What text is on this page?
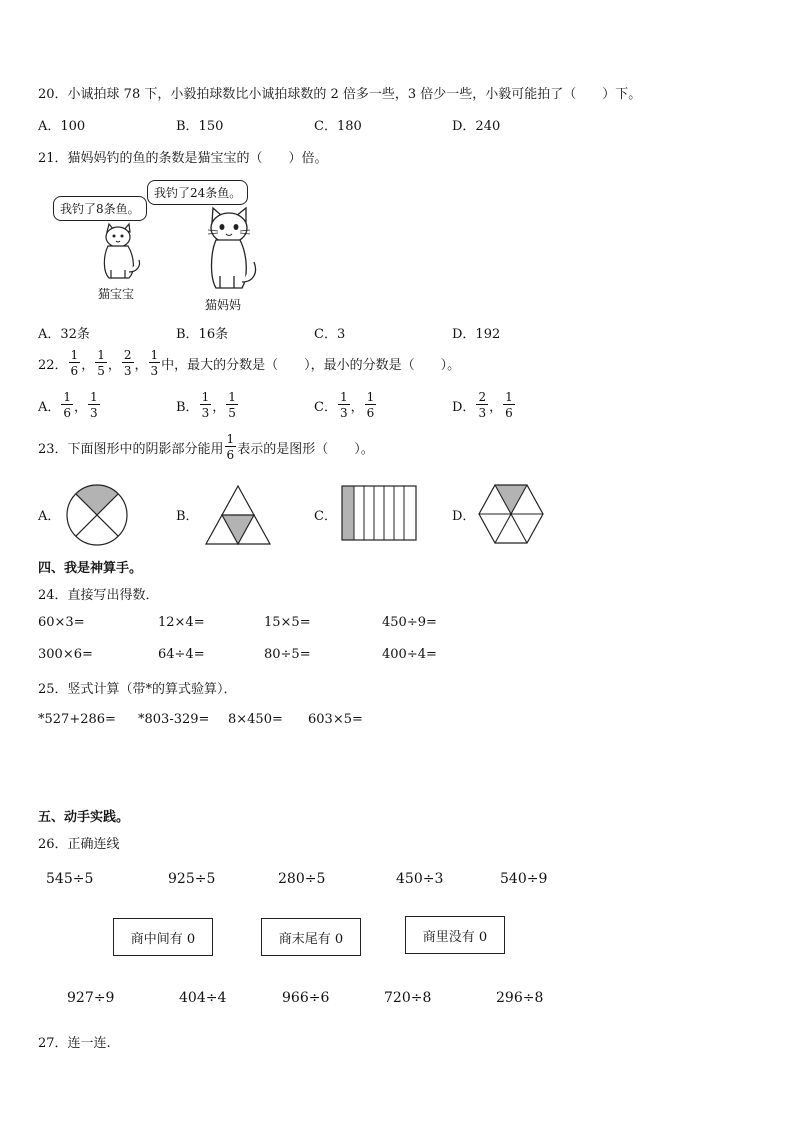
20．小诚拍球 78 下，小毅拍球数比小诚拍球数的 2 倍多一些，3 倍少一些，小毅可能拍了（　　）下。
A．100	B．150	C．180	D．240
21．猫妈妈钓的鱼的条数是猫宝宝的（　　）倍。
我钓了8条鱼。
我钓了24条鱼。
猫宝宝
猫妈妈
A．32条	B．16条	C．3	D．192
22． $\frac{1}{6}$ ， $\frac{1}{5}$ ， $\frac{2}{3}$ ， $\frac{1}{3}$ 中，最大的分数是（　　），最小的分数是（　　）。
A． $\frac{1}{6}$ ， $\frac{1}{3}$	B． $\frac{1}{3}$ ， $\frac{1}{5}$	C． $\frac{1}{3}$ ， $\frac{1}{6}$	D． $\frac{2}{3}$ ， $\frac{1}{6}$
23．下面图形中的阴影部分能用 $\frac{1}{6}$ 表示的是图形（　　）。
A．	B．	C．	D．
四、我是神算手。
24．直接写出得数．
60×3=	12×4=	15×5=	450÷9=
300×6=	64÷4=	80÷5=	400÷4=
25．竖式计算（带*的算式验算）．
*527+286= *803-329= 8×450= 603×5=
五、动手实践。
26．正确连线
545÷5	925÷5	280÷5	450÷3	540÷9
商中间有 0	商末尾有 0	商里没有 0
927÷9	404÷4	966÷6	720÷8	296÷8
27．连一连.
